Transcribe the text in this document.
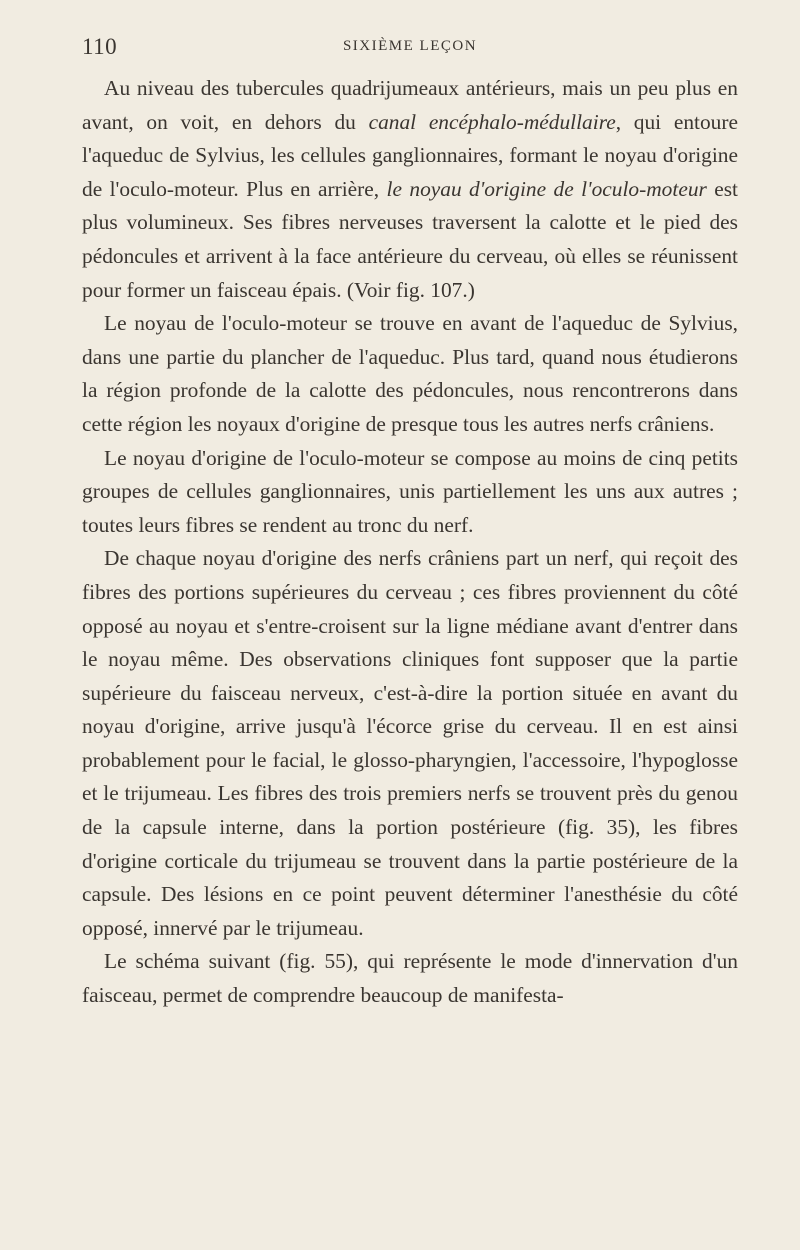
110	SIXIÈME LEÇON

Au niveau des tubercules quadrijumeaux antérieurs, mais un peu plus en avant, on voit, en dehors du canal encéphalo-médullaire, qui entoure l'aqueduc de Sylvius, les cellules ganglionnaires, formant le noyau d'origine de l'oculo-moteur. Plus en arrière, le noyau d'origine de l'oculo-moteur est plus volumineux. Ses fibres nerveuses traversent la calotte et le pied des pédoncules et arrivent à la face antérieure du cerveau, où elles se réunissent pour former un faisceau épais. (Voir fig. 107.)

Le noyau de l'oculo-moteur se trouve en avant de l'aqueduc de Sylvius, dans une partie du plancher de l'aqueduc. Plus tard, quand nous étudierons la région profonde de la calotte des pédoncules, nous rencontrerons dans cette région les noyaux d'origine de presque tous les autres nerfs crâniens.

Le noyau d'origine de l'oculo-moteur se compose au moins de cinq petits groupes de cellules ganglionnaires, unis partiellement les uns aux autres ; toutes leurs fibres se rendent au tronc du nerf.

De chaque noyau d'origine des nerfs crâniens part un nerf, qui reçoit des fibres des portions supérieures du cerveau ; ces fibres proviennent du côté opposé au noyau et s'entre-croisent sur la ligne médiane avant d'entrer dans le noyau même. Des observations cliniques font supposer que la partie supérieure du faisceau nerveux, c'est-à-dire la portion située en avant du noyau d'origine, arrive jusqu'à l'écorce grise du cerveau. Il en est ainsi probablement pour le facial, le glosso-pharyngien, l'accessoire, l'hypoglosse et le trijumeau. Les fibres des trois premiers nerfs se trouvent près du genou de la capsule interne, dans la portion postérieure (fig. 35), les fibres d'origine corticale du trijumeau se trouvent dans la partie postérieure de la capsule. Des lésions en ce point peuvent déterminer l'anesthésie du côté opposé, innervé par le trijumeau.

Le schéma suivant (fig. 55), qui représente le mode d'innervation d'un faisceau, permet de comprendre beaucoup de manifesta-
